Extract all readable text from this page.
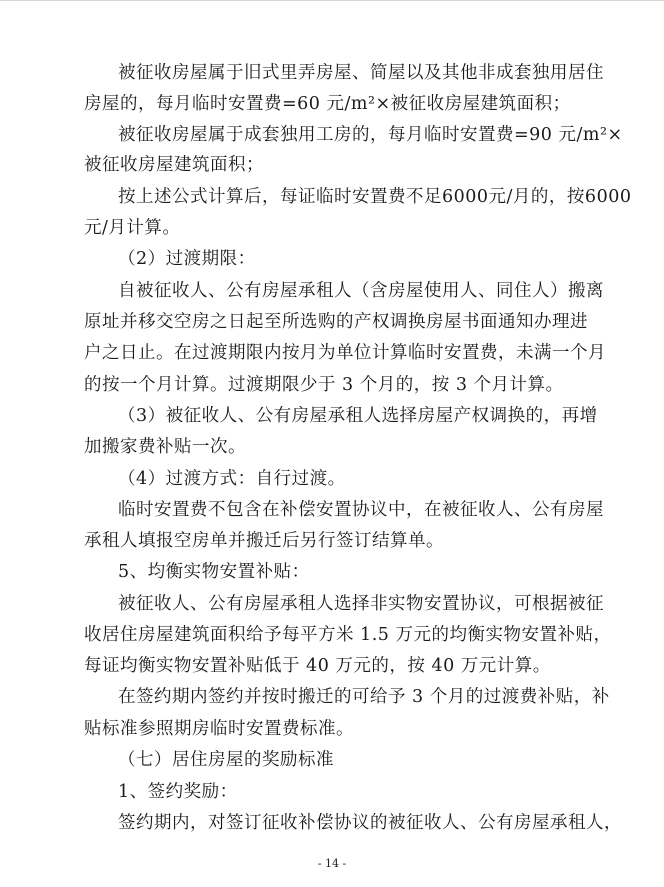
被征收房屋属于旧式里弄房屋、简屋以及其他非成套独用居住
房屋的，每月临时安置费=60 元/m²×被征收房屋建筑面积；
被征收房屋属于成套独用工房的，每月临时安置费=90 元/m²×
被征收房屋建筑面积；
按上述公式计算后，每证临时安置费不足6000元/月的，按6000
元/月计算。
（2）过渡期限：
自被征收人、公有房屋承租人（含房屋使用人、同住人）搬离
原址并移交空房之日起至所选购的产权调换房屋书面通知办理进
户之日止。在过渡期限内按月为单位计算临时安置费，未满一个月
的按一个月计算。过渡期限少于 3 个月的，按 3 个月计算。
（3）被征收人、公有房屋承租人选择房屋产权调换的，再增
加搬家费补贴一次。
（4）过渡方式：自行过渡。
临时安置费不包含在补偿安置协议中，在被征收人、公有房屋
承租人填报空房单并搬迁后另行签订结算单。
5、均衡实物安置补贴：
被征收人、公有房屋承租人选择非实物安置协议，可根据被征
收居住房屋建筑面积给予每平方米 1.5 万元的均衡实物安置补贴，
每证均衡实物安置补贴低于 40 万元的，按 40 万元计算。
在签约期内签约并按时搬迁的可给予 3 个月的过渡费补贴，补
贴标准参照期房临时安置费标准。
（七）居住房屋的奖励标准
1、签约奖励：
签约期内，对签订征收补偿协议的被征收人、公有房屋承租人，
- 14 -
